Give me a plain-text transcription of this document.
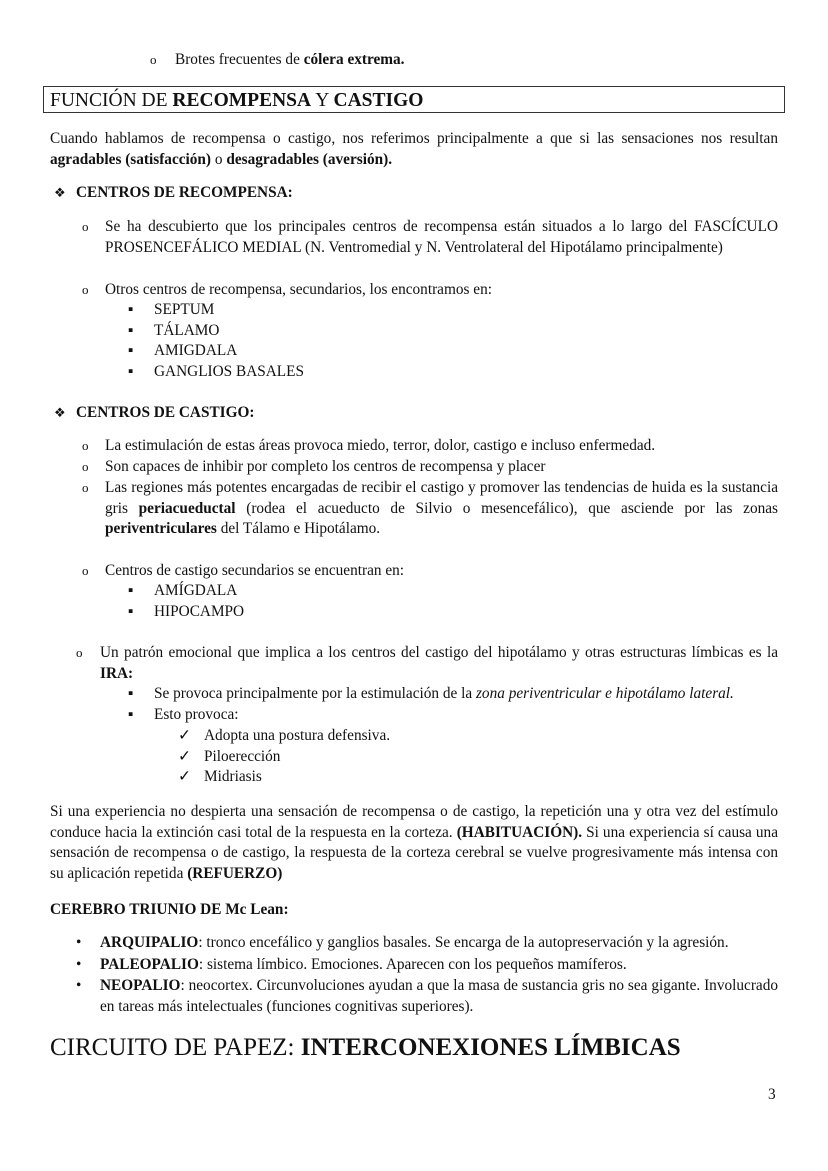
o Brotes frecuentes de cólera extrema.
FUNCIÓN DE RECOMPENSA Y CASTIGO
Cuando hablamos de recompensa o castigo, nos referimos principalmente a que si las sensaciones nos resultan agradables (satisfacción) o desagradables (aversión).
❖ CENTROS DE RECOMPENSA:
o Se ha descubierto que los principales centros de recompensa están situados a lo largo del FASCÍCULO PROSENCEFÁLICO MEDIAL (N. Ventromedial y N. Ventrolateral del Hipotálamo principalmente)
o Otros centros de recompensa, secundarios, los encontramos en:
▪ SEPTUM
▪ TÁLAMO
▪ AMIGDALA
▪ GANGLIOS BASALES
❖ CENTROS DE CASTIGO:
o La estimulación de estas áreas provoca miedo, terror, dolor, castigo e incluso enfermedad.
o Son capaces de inhibir por completo los centros de recompensa y placer
o Las regiones más potentes encargadas de recibir el castigo y promover las tendencias de huida es la sustancia gris periacueductal (rodea el acueducto de Silvio o mesencefálico), que asciende por las zonas periventriculares del Tálamo e Hipotálamo.
o Centros de castigo secundarios se encuentran en:
▪ AMÍGDALA
▪ HIPOCAMPO
o Un patrón emocional que implica a los centros del castigo del hipotálamo y otras estructuras límbicas es la IRA:
▪ Se provoca principalmente por la estimulación de la zona periventricular e hipotálamo lateral.
▪ Esto provoca:
✓ Adopta una postura defensiva.
✓ Piloerección
✓ Midriasis
Si una experiencia no despierta una sensación de recompensa o de castigo, la repetición una y otra vez del estímulo conduce hacia la extinción casi total de la respuesta en la corteza. (HABITUACIÓN). Si una experiencia sí causa una sensación de recompensa o de castigo, la respuesta de la corteza cerebral se vuelve progresivamente más intensa con su aplicación repetida (REFUERZO)
CEREBRO TRIUNIO DE Mc Lean:
• ARQUIPALIO: tronco encefálico y ganglios basales. Se encarga de la autopreservación y la agresión.
• PALEOPALIO: sistema límbico. Emociones. Aparecen con los pequeños mamíferos.
• NEOPALIO: neocortex. Circunvoluciones ayudan a que la masa de sustancia gris no sea gigante. Involucrado en tareas más intelectuales (funciones cognitivas superiores).
CIRCUITO DE PAPEZ: INTERCONEXIONES LÍMBICAS
3
